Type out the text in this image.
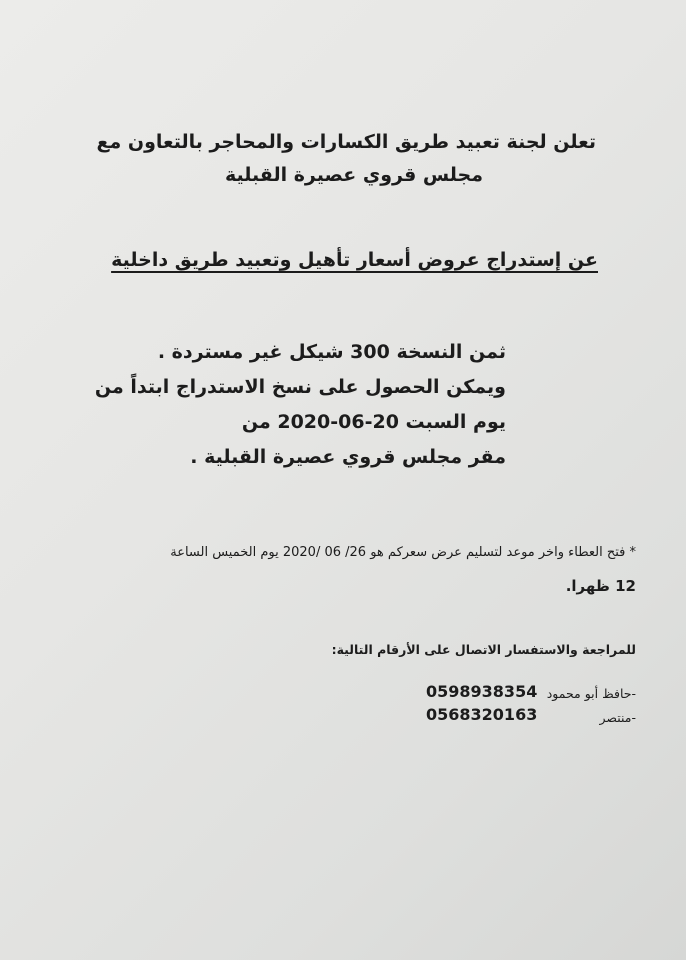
تعلن لجنة تعبيد طريق الكسارات والمحاجر بالتعاون مع
مجلس قروي عصيرة القبلية
عن إستدراج عروض أسعار تأهيل وتعبيد طريق داخلية
ثمن النسخة 300 شيكل غير مستردة .
ويمكن الحصول على نسخ الاستدراج ابتداً من
يوم السبت 20-06-2020 من
مقر مجلس قروي عصيرة القبلية .
* فتح العطاء واخر موعد لتسليم عرض سعركم هو 26/ 06 /2020 يوم الخميس الساعة
12 ظهرا.
للمراجعة والاستفسار الاتصال على الأرقام التالية:
-حافظ أبو محمود
0598938354
-منتصر
0568320163
